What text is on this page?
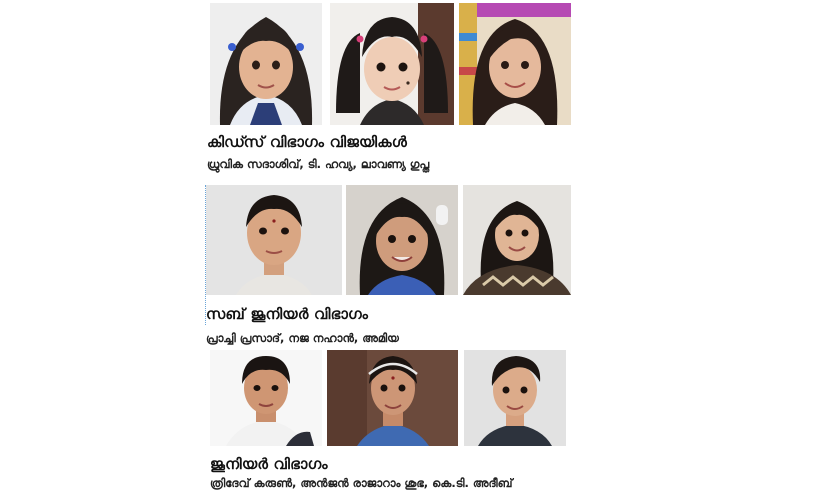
കിഡ്സ് വിഭാഗം വിജയികൾ
ധ്രുവിക സദാശിവ്, ടി. ഹവ്യ, ലാവണ്യ ഗുപ്ത
സബ് ജൂനിയർ വിഭാഗം
പ്രാച്ചി പ്രസാദ്, നജ നഹാൻ, അമിയ
ജൂനിയർ വിഭാഗം
ത്രിദേവ് കരുൺ, അൻജൻ രാജാറാം ശുഭ, കെ.ടി. അദീബ്
